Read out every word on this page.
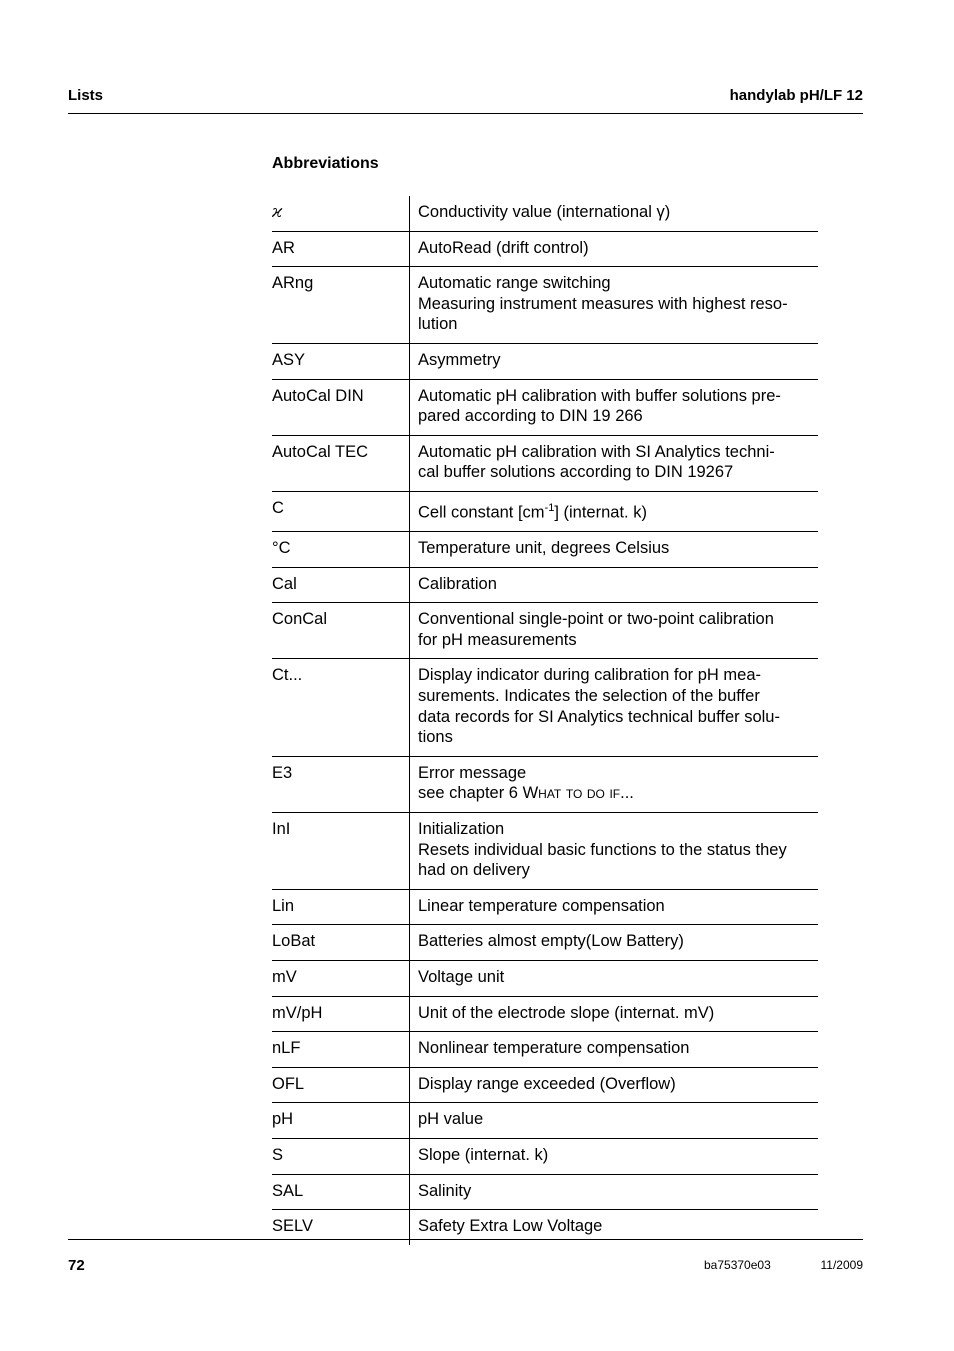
Lists	handylab pH/LF 12
Abbreviations
ϰ	Conductivity value (international γ)

AR	AutoRead (drift control)

ARng	Automatic range switching
Measuring instrument measures with highest reso-
lution

ASY	Asymmetry

AutoCal DIN	Automatic pH calibration with buffer solutions pre-
pared according to DIN 19 266

AutoCal TEC	Automatic pH calibration with SI Analytics techni-
cal buffer solutions according to DIN 19267

C	Cell constant $[cm^{-1}]$ (internat. k)

°C	Temperature unit, degrees Celsius

Cal	Calibration

ConCal	Conventional single-point or two-point calibration
for pH measurements

Ct...	Display indicator during calibration for pH mea-
surements. Indicates the selection of the buffer
data records for SI Analytics technical buffer solu-
tions

E3	Error message
see chapter 6 What to do if...

InI	Initialization
Resets individual basic functions to the status they
had on delivery

Lin	Linear temperature compensation

LoBat	Batteries almost empty(Low Battery)

mV	Voltage unit

mV/pH	Unit of the electrode slope (internat. mV)

nLF	Nonlinear temperature compensation

OFL	Display range exceeded (Overflow)

pH	pH value

S	Slope (internat. k)

SAL	Salinity

SELV	Safety Extra Low Voltage
72	ba75370e03	11/2009
